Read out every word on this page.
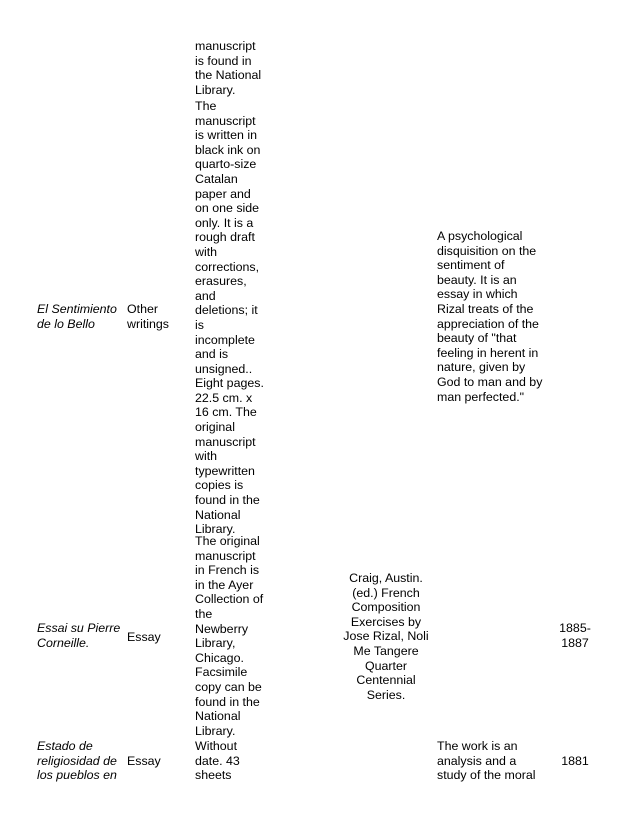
manuscript
is found in
the National
Library.
El Sentimiento
de lo Bello
Other
writings
The
manuscript
is written in
black ink on
quarto-size
Catalan
paper and
on one side
only. It is a
rough draft
with
corrections,
erasures,
and
deletions; it
is
incomplete
and is
unsigned..
Eight pages.
22.5 cm. x
16 cm. The
original
manuscript
with
typewritten
copies is
found in the
National
Library.
A psychological
disquisition on the
sentiment of
beauty. It is an
essay in which
Rizal treats of the
appreciation of the
beauty of "that
feeling in herent in
nature, given by
God to man and by
man perfected."
Essai su Pierre
Corneille.	Essay
The original
manuscript
in French is
in the Ayer
Collection of
the
Newberry
Library,
Chicago.
Facsimile
copy can be
found in the
National
Library.
Craig, Austin.
(ed.) French
Composition
Exercises by
Jose Rizal, Noli
Me Tangere
Quarter
Centennial
Series.
1885-
1887
Estado de
religiosidad de
los pueblos en
Essay
Without
date. 43
sheets
The work is an
analysis and a
study of the moral
1881
